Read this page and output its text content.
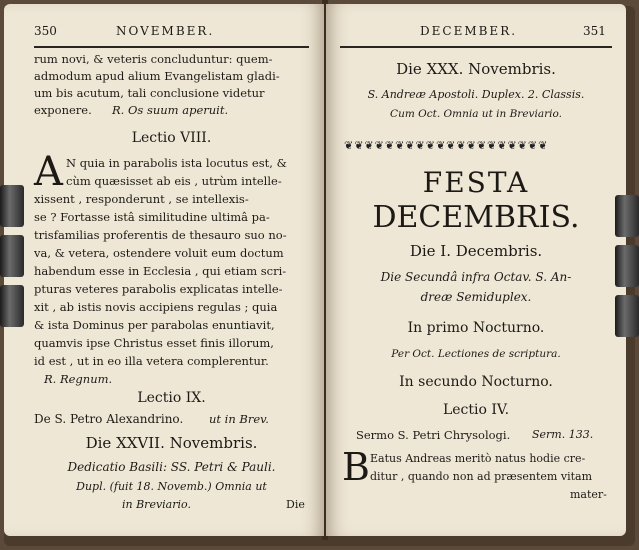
350	NOVEMBER.
rum novi, & veteris concluduntur: quem-
admodum apud alium Evangelistam gladi-
um bis acutum, tali conclusione videtur
exponere. R. Os suum aperuit.
Lectio VIII.
A N quia in parabolis ista locutus est, &
cùm quæsisset ab eis , utrùm intelle-
xissent , responderunt , se intellexis-
se ? Fortasse istâ similitudine ultimâ pa-
trisfamilias proferentis de thesauro suo no-
va, & vetera, ostendere voluit eum doctum
habendum esse in Ecclesia , qui etiam scri-
pturas veteres parabolis explicatas intelle-
xit , ab istis novis accipiens regulas ; quia
& ista Dominus per parabolas enuntiavit,
quamvis ipse Christus esset finis illorum,
id est , ut in eo illa vetera complerentur.
R. Regnum.
Lectio IX.
De S. Petro Alexandrino. ut in Brev.
Die XXVII. Novembris.
Dedicatio Basili: SS. Petri & Pauli.
Dupl. (fuit 18. Novemb.) Omnia ut
in Breviario.	Die
DECEMBER.	351
Die XXX. Novembris.
S. Andreæ Apostoli. Duplex. 2. Classis.
Cum Oct. Omnia ut in Breviario.
❦❦❦❦❦❦❦❦❦❦❦❦❦❦❦❦❦❦❦❦
FESTA
DECEMBRIS.
Die I. Decembris.
Die Secundâ infra Octav. S. An-
dreæ Semiduplex.
In primo Nocturno.
Per Oct. Lectiones de scriptura.
In secundo Nocturno.
Lectio IV.
Sermo S. Petri Chrysologi. Serm. 133.
B Eatus Andreas meritò natus hodie cre-
ditur , quando non ad præsentem vitam
mater-
